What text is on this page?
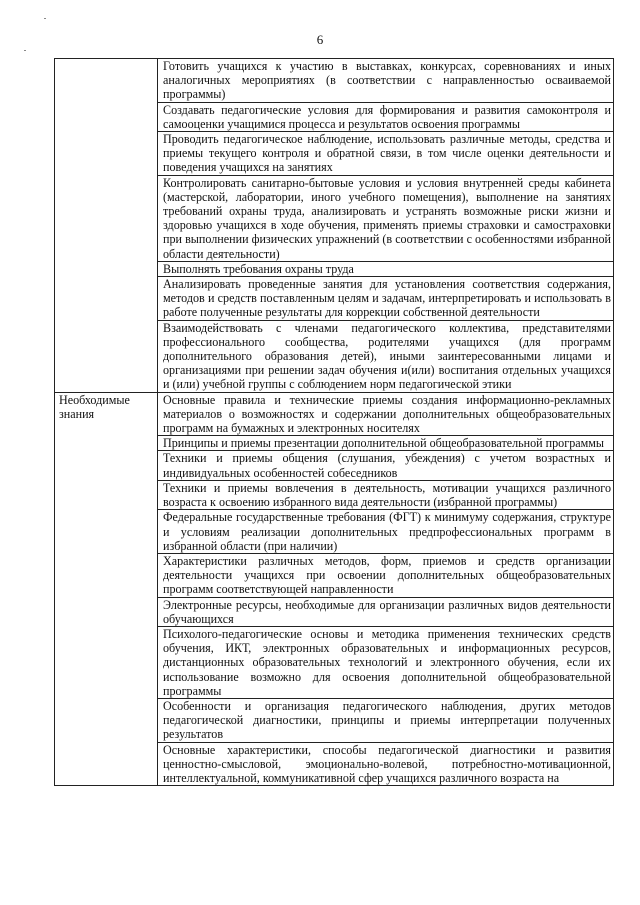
6
	Готовить учащихся к участию в выставках, конкурсах, соревнованиях и иных аналогичных мероприятиях (в соответствии с направленностью осваиваемой программы)
	Создавать педагогические условия для формирования и развития самоконтроля и самооценки учащимися процесса и результатов освоения программы
	Проводить педагогическое наблюдение, использовать различные методы, средства и приемы текущего контроля и обратной связи, в том числе оценки деятельности и поведения учащихся на занятиях
	Контролировать санитарно-бытовые условия и условия внутренней среды кабинета (мастерской, лаборатории, иного учебного помещения), выполнение на занятиях требований охраны труда, анализировать и устранять возможные риски жизни и здоровью учащихся в ходе обучения, применять приемы страховки и самостраховки при выполнении физических упражнений (в соответствии с особенностями избранной области деятельности)
	Выполнять требования охраны труда
	Анализировать проведенные занятия для установления соответствия содержания, методов и средств поставленным целям и задачам, интерпретировать и использовать в работе полученные результаты для коррекции собственной деятельности
	Взаимодействовать с членами педагогического коллектива, представителями профессионального сообщества, родителями учащихся (для программ дополнительного образования детей), иными заинтересованными лицами и организациями при решении задач обучения и(или) воспитания отдельных учащихся и (или) учебной группы с соблюдением норм педагогической этики
Необходимые знания	Основные правила и технические приемы создания информационно-рекламных материалов о возможностях и содержании дополнительных общеобразовательных программ на бумажных и электронных носителях
	Принципы и приемы презентации дополнительной общеобразовательной программы
	Техники и приемы общения (слушания, убеждения) с учетом возрастных и индивидуальных особенностей собеседников
	Техники и приемы вовлечения в деятельность, мотивации учащихся различного возраста к освоению избранного вида деятельности (избранной программы)
	Федеральные государственные требования (ФГТ) к минимуму содержания, структуре и условиям реализации дополнительных предпрофессиональных программ в избранной области (при наличии)
	Характеристики различных методов, форм, приемов и средств организации деятельности учащихся при освоении дополнительных общеобразовательных программ соответствующей направленности
	Электронные ресурсы, необходимые для организации различных видов деятельности обучающихся
	Психолого-педагогические основы и методика применения технических средств обучения, ИКТ, электронных образовательных и информационных ресурсов, дистанционных образовательных технологий и электронного обучения, если их использование возможно для освоения дополнительной общеобразовательной программы
	Особенности и организация педагогического наблюдения, других методов педагогической диагностики, принципы и приемы интерпретации полученных результатов
	Основные характеристики, способы педагогической диагностики и развития ценностно-смысловой, эмоционально-волевой, потребностно-мотивационной, интеллектуальной, коммуникативной сфер учащихся различного возраста на
